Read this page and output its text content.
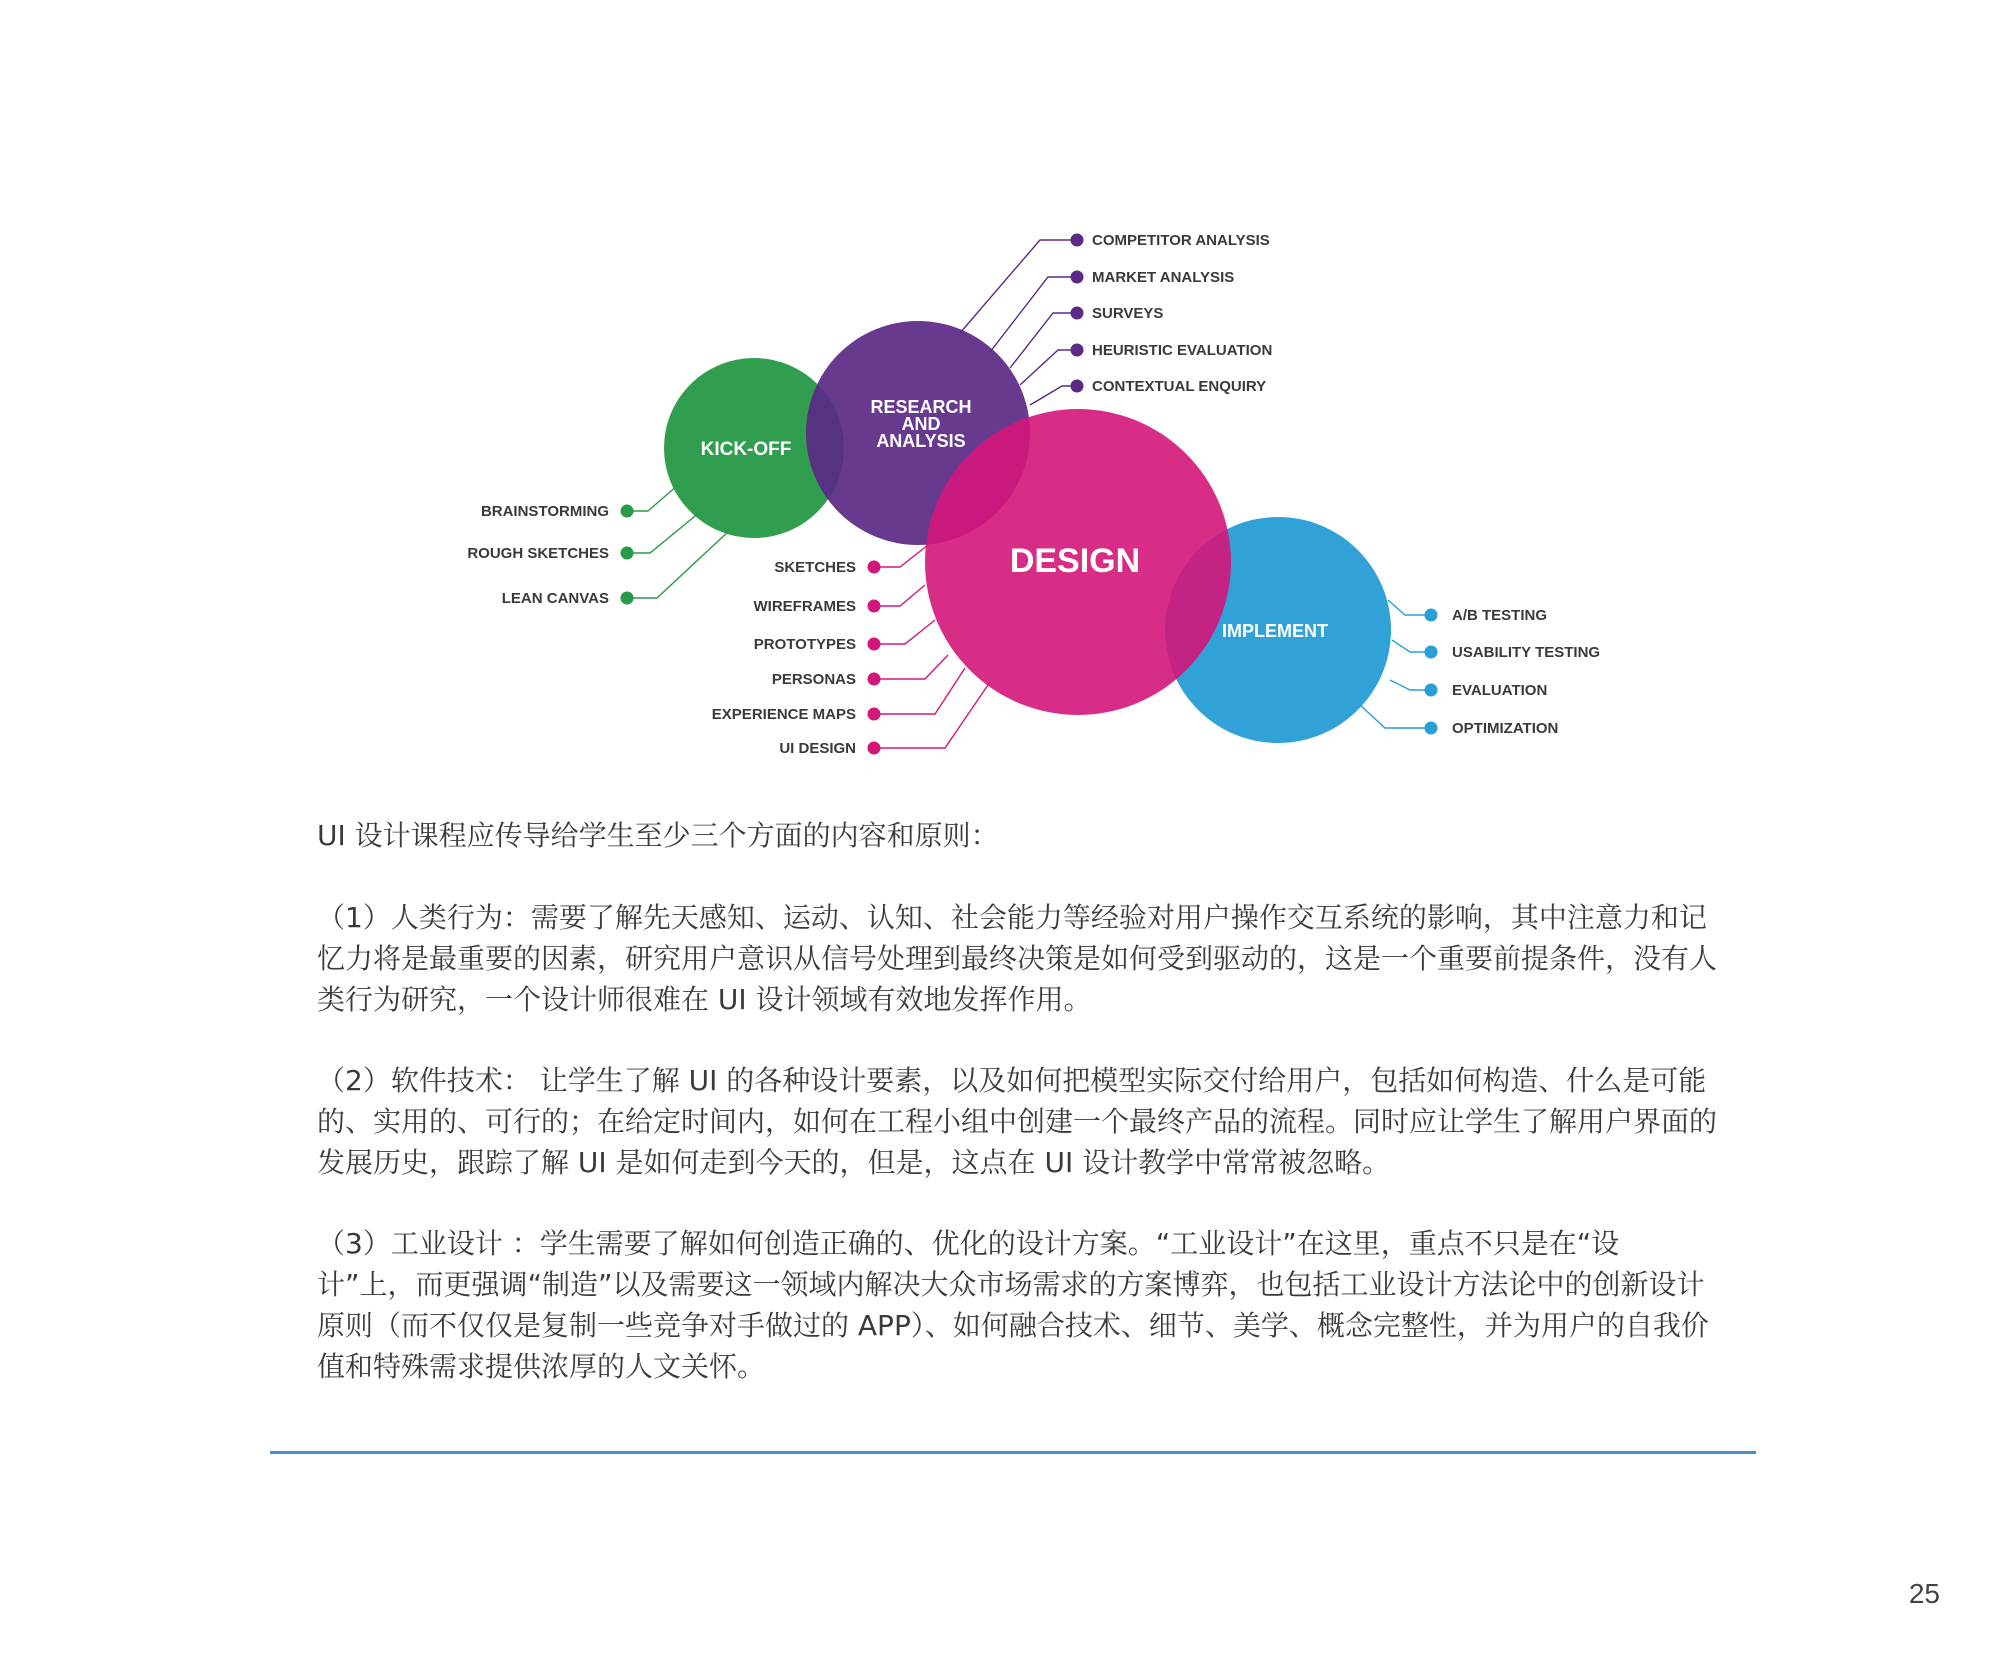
KICK-OFF
RESEARCH
AND
ANALYSIS
DESIGN
IMPLEMENT
BRAINSTORMING
ROUGH SKETCHES
LEAN CANVAS
COMPETITOR ANALYSIS
MARKET ANALYSIS
SURVEYS
HEURISTIC EVALUATION
CONTEXTUAL ENQUIRY
SKETCHES
WIREFRAMES
PROTOTYPES
PERSONAS
EXPERIENCE MAPS
UI DESIGN
A/B TESTING
USABILITY TESTING
EVALUATION
OPTIMIZATION

UI 设计课程应传导给学生至少三个方面的内容和原则：

（1）人类行为：需要了解先天感知、运动、认知、社会能力等经验对用户操作交互系统的影响，其中注意力和记忆力将是最重要的因素，研究用户意识从信号处理到最终决策是如何受到驱动的，这是一个重要前提条件，没有人类行为研究，一个设计师很难在 UI 设计领域有效地发挥作用。

（2）软件技术： 让学生了解 UI 的各种设计要素，以及如何把模型实际交付给用户，包括如何构造、什么是可能的、实用的、可行的；在给定时间内，如何在工程小组中创建一个最终产品的流程。同时应让学生了解用户界面的发展历史，跟踪了解 UI 是如何走到今天的，但是，这点在 UI 设计教学中常常被忽略。

（3）工业设计 ：学生需要了解如何创造正确的、优化的设计方案。“工业设计”在这里，重点不只是在“设计”上，而更强调“制造”以及需要这一领域内解决大众市场需求的方案博弈，也包括工业设计方法论中的创新设计原则（而不仅仅是复制一些竞争对手做过的 APP）、如何融合技术、细节、美学、概念完整性，并为用户的自我价值和特殊需求提供浓厚的人文关怀。

25
